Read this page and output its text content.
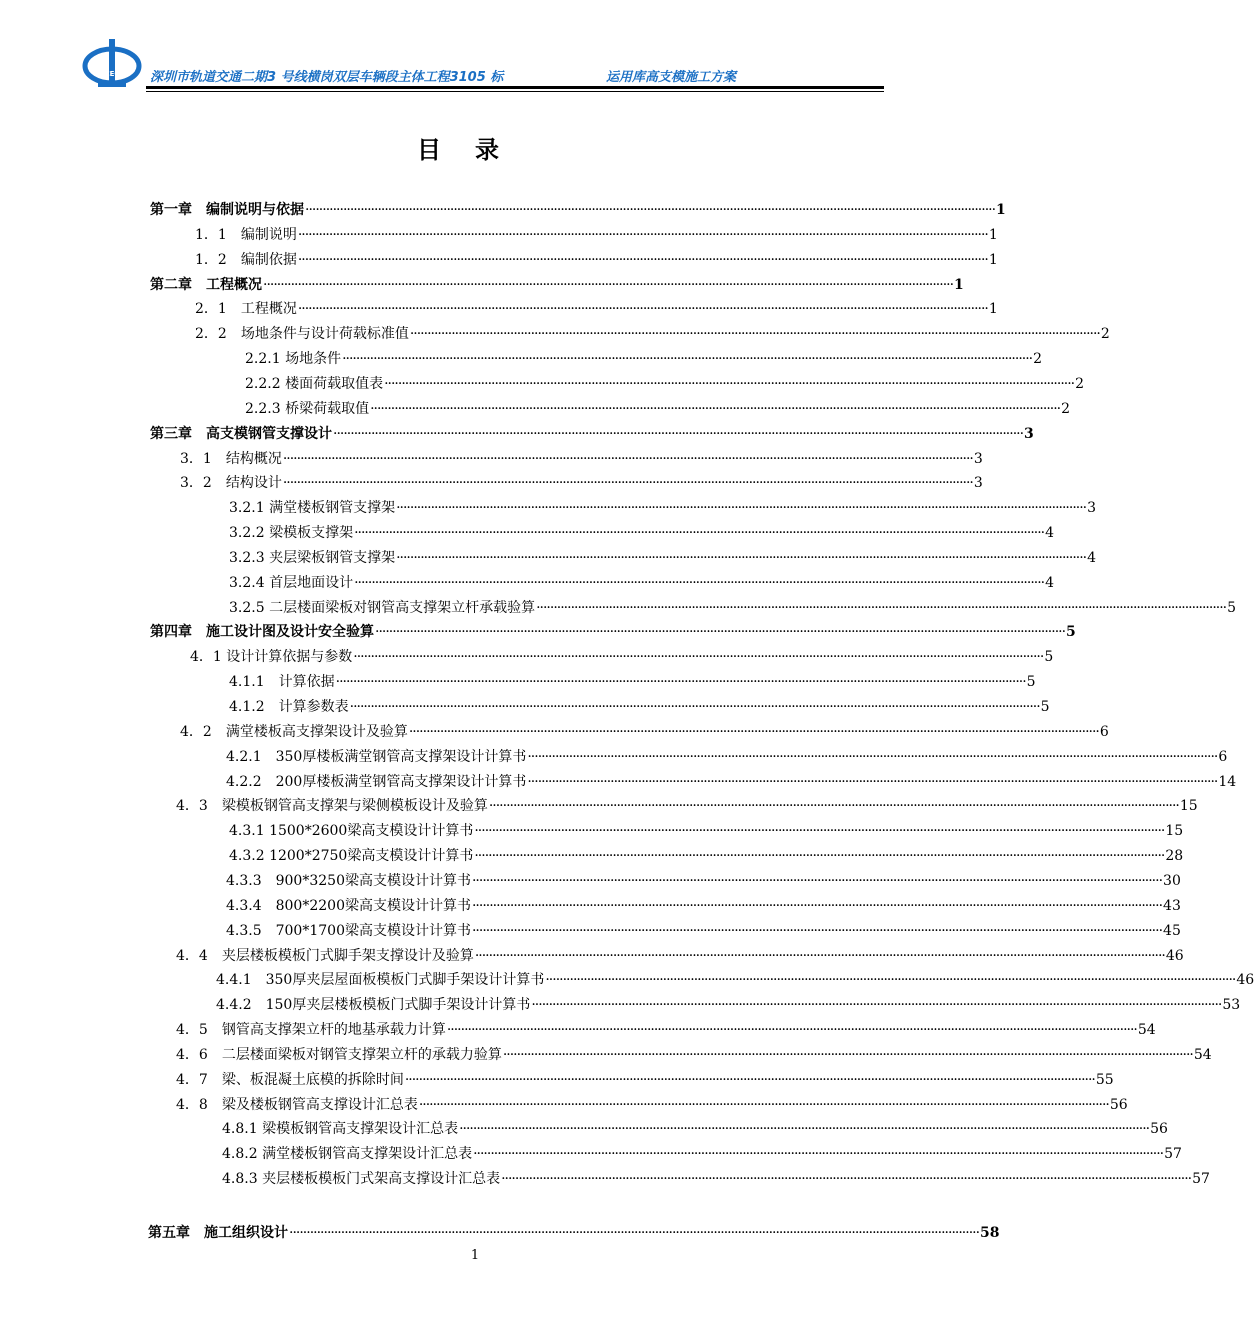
CCECC 深圳市轨道交通二期3 号线横岗双层车辆段主体工程3105 标	运用库高支模施工方案
目录
第一章　编制说明与依据 ········································································································································································································ 1
1．1　编制说明 ········································································································································································································ 1
1．2　编制依据 ········································································································································································································ 1
第二章　工程概况 ········································································································································································································ 1
2．1　工程概况 ········································································································································································································ 1
2．2　场地条件与设计荷载标准值 ········································································································································································································ 2
2.2.1 场地条件 ········································································································································································································ 2
2.2.2 楼面荷载取值表 ········································································································································································································ 2
2.2.3 桥梁荷载取值 ········································································································································································································ 2
第三章　高支模钢管支撑设计 ········································································································································································································ 3
3．1　结构概况 ········································································································································································································ 3
3．2　结构设计 ········································································································································································································ 3
3.2.1 满堂楼板钢管支撑架 ········································································································································································································ 3
3.2.2 梁模板支撑架 ········································································································································································································ 4
3.2.3 夹层梁板钢管支撑架 ········································································································································································································ 4
3.2.4 首层地面设计 ········································································································································································································ 4
3.2.5 二层楼面梁板对钢管高支撑架立杆承载验算 ········································································································································································································ 5
第四章　施工设计图及设计安全验算 ········································································································································································································ 5
4．1 设计计算依据与参数 ········································································································································································································ 5
4.1.1　计算依据 ········································································································································································································ 5
4.1.2　计算参数表 ········································································································································································································ 5
4．2　满堂楼板高支撑架设计及验算 ········································································································································································································ 6
4.2.1　350厚楼板满堂钢管高支撑架设计计算书 ········································································································································································································ 6
4.2.2　200厚楼板满堂钢管高支撑架设计计算书 ········································································································································································································ 14
4．3　梁模板钢管高支撑架与梁侧模板设计及验算 ········································································································································································································ 15
4.3.1 1500*2600梁高支模设计计算书 ········································································································································································································ 15
4.3.2 1200*2750梁高支模设计计算书 ········································································································································································································ 28
4.3.3　900*3250梁高支模设计计算书 ········································································································································································································ 30
4.3.4　800*2200梁高支模设计计算书 ········································································································································································································ 43
4.3.5　700*1700梁高支模设计计算书 ········································································································································································································ 45
4．4　夹层楼板模板门式脚手架支撑设计及验算 ········································································································································································································ 46
4.4.1　350厚夹层屋面板模板门式脚手架设计计算书 ········································································································································································································ 46
4.4.2　150厚夹层楼板模板门式脚手架设计计算书 ········································································································································································································ 53
4．5　钢管高支撑架立杆的地基承载力计算 ········································································································································································································ 54
4．6　二层楼面梁板对钢管支撑架立杆的承载力验算 ········································································································································································································ 54
4．7　梁、板混凝土底模的拆除时间 ········································································································································································································ 55
4．8　梁及楼板钢管高支撑设计汇总表 ········································································································································································································ 56
4.8.1 梁模板钢管高支撑架设计汇总表 ········································································································································································································ 56
4.8.2 满堂楼板钢管高支撑架设计汇总表 ········································································································································································································ 57
4.8.3 夹层楼板模板门式架高支撑设计汇总表 ········································································································································································································ 57
第五章　施工组织设计 ········································································································································································································ 58
1
